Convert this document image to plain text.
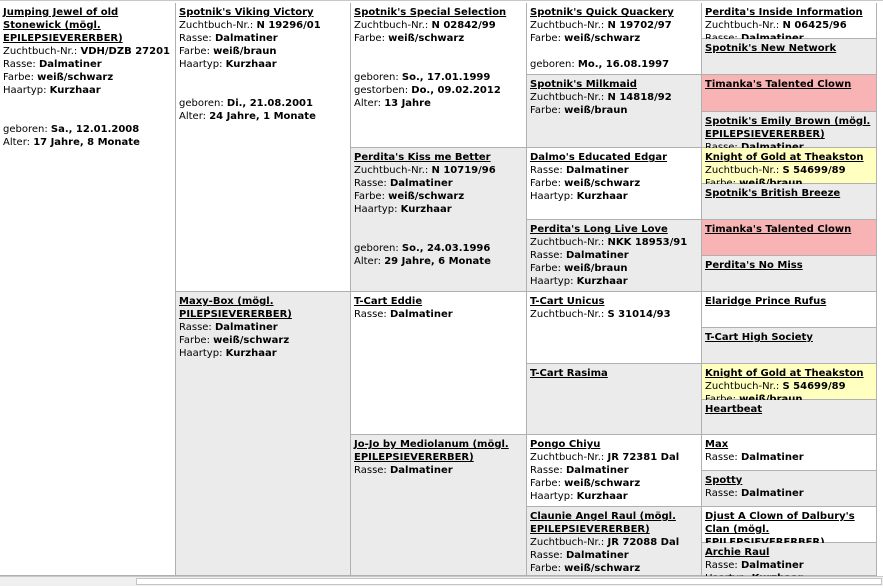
Jumping Jewel of old Stonewick (mögl. EPILEPSIEVERERBER)
Zuchtbuch-Nr.: VDH/DZB 27201
Rasse: Dalmatiner
Farbe: weiß/schwarz
Haartyp: Kurzhaar
geboren: Sa., 12.01.2008
Alter: 17 Jahre, 8 Monate
Spotnik's Viking Victory
Zuchtbuch-Nr.: N 19296/01
Rasse: Dalmatiner
Farbe: weiß/braun
Haartyp: Kurzhaar
geboren: Di., 21.08.2001
Alter: 24 Jahre, 1 Monate
Maxy-Box (mögl. PILEPSIEVERERBER)
Rasse: Dalmatiner
Farbe: weiß/schwarz
Haartyp: Kurzhaar
Spotnik's Special Selection
Zuchtbuch-Nr.: N 02842/99
Farbe: weiß/schwarz
geboren: So., 17.01.1999
gestorben: Do., 09.02.2012
Alter: 13 Jahre
Perdita's Kiss me Better
Zuchtbuch-Nr.: N 10719/96
Rasse: Dalmatiner
Farbe: weiß/schwarz
Haartyp: Kurzhaar
geboren: So., 24.03.1996
Alter: 29 Jahre, 6 Monate
T-Cart Eddie
Rasse: Dalmatiner
Jo-Jo by Mediolanum (mögl. EPILEPSIEVERERBER)
Rasse: Dalmatiner
Spotnik's Quick Quackery
Zuchtbuch-Nr.: N 19702/97
Farbe: weiß/schwarz
geboren: Mo., 16.08.1997
Spotnik's Milkmaid
Zuchtbuch-Nr.: N 14818/92
Farbe: weiß/braun
Dalmo's Educated Edgar
Rasse: Dalmatiner
Farbe: weiß/schwarz
Haartyp: Kurzhaar
Perdita's Long Live Love
Zuchtbuch-Nr.: NKK 18953/91
Rasse: Dalmatiner
Farbe: weiß/braun
Haartyp: Kurzhaar
T-Cart Unicus
Zuchtbuch-Nr.: S 31014/93
T-Cart Rasima
Pongo Chiyu
Zuchtbuch-Nr.: JR 72381 Dal
Rasse: Dalmatiner
Farbe: weiß/schwarz
Haartyp: Kurzhaar
Claunie Angel Raul (mögl. EPILEPSIEVERERBER)
Zuchtbuch-Nr.: JR 72088 Dal
Rasse: Dalmatiner
Farbe: weiß/schwarz
Perdita's Inside Information
Zuchtbuch-Nr.: N 06425/96
Spotnik's New Network
Timanka's Talented Clown
Spotnik's Emily Brown (mögl. EPILEPSIEVERERBER)
Knight of Gold at Theakston
Zuchtbuch-Nr.: S 54699/89
Spotnik's British Breeze
Timanka's Talented Clown
Perdita's No Miss
Elaridge Prince Rufus
T-Cart High Society
Knight of Gold at Theakston
Zuchtbuch-Nr.: S 54699/89
Heartbeat
Max
Rasse: Dalmatiner
Spotty
Rasse: Dalmatiner
Djust A Clown of Dalbury's Clan (mögl.
Archie Raul
Rasse: Dalmatiner
